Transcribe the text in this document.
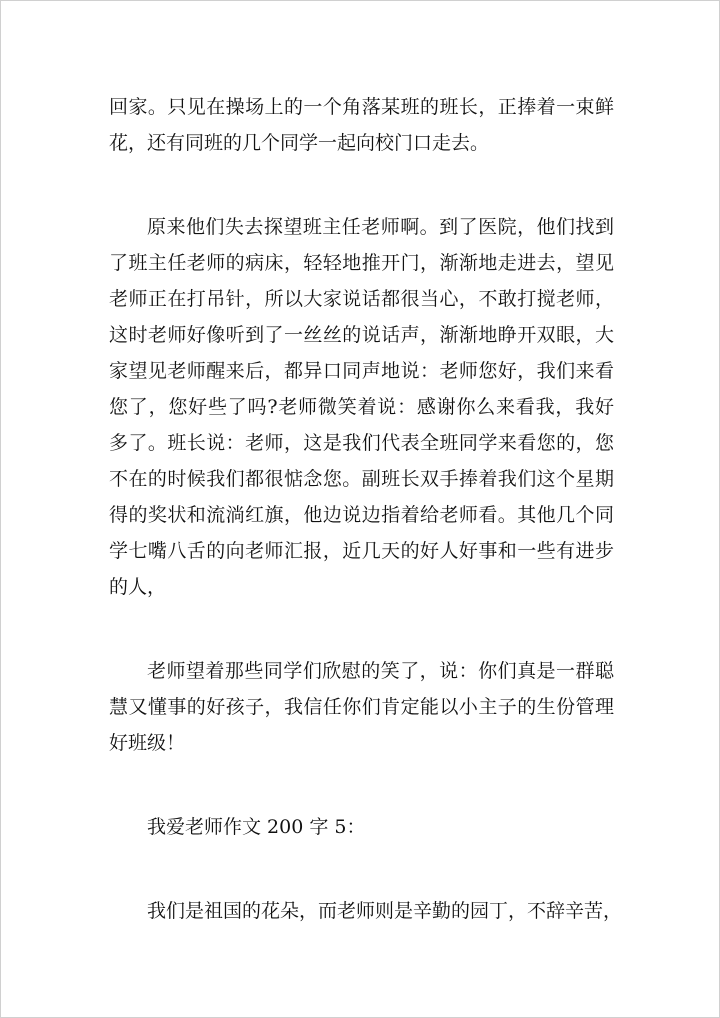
回家。只见在操场上的一个角落某班的班长，正捧着一束鲜
花，还有同班的几个同学一起向校门口走去。
原来他们失去探望班主任老师啊。到了医院，他们找到
了班主任老师的病床，轻轻地推开门，渐渐地走进去，望见
老师正在打吊针，所以大家说话都很当心，不敢打搅老师，
这时老师好像听到了一丝丝的说话声，渐渐地睁开双眼，大
家望见老师醒来后，都异口同声地说：老师您好，我们来看
您了，您好些了吗?老师微笑着说：感谢你么来看我，我好
多了。班长说：老师，这是我们代表全班同学来看您的，您
不在的时候我们都很惦念您。副班长双手捧着我们这个星期
得的奖状和流淌红旗，他边说边指着给老师看。其他几个同
学七嘴八舌的向老师汇报，近几天的好人好事和一些有进步
的人，
老师望着那些同学们欣慰的笑了，说：你们真是一群聪
慧又懂事的好孩子，我信任你们肯定能以小主子的生份管理
好班级！
我爱老师作文 200 字 5：
我们是祖国的花朵，而老师则是辛勤的园丁，不辞辛苦，
